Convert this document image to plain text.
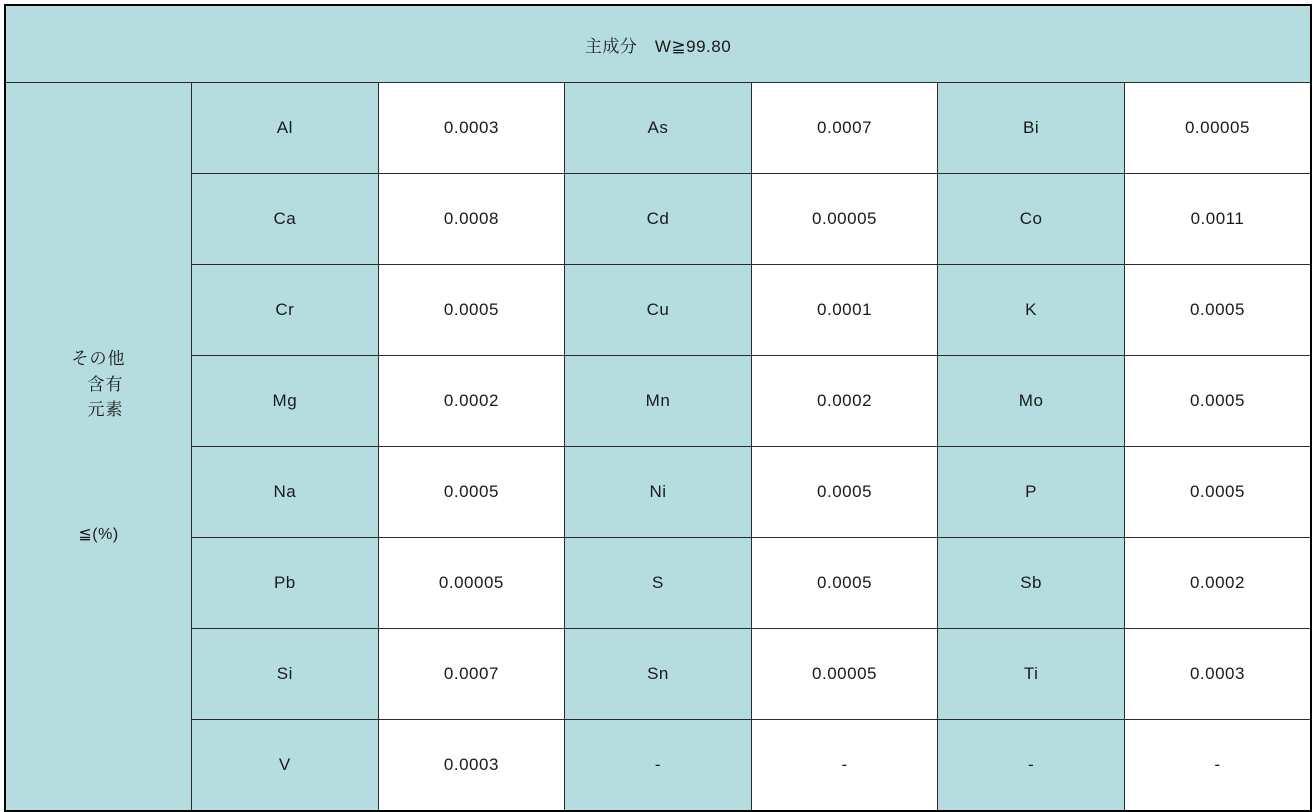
主成分　W≧99.80						

その他
含有
元素
≦(%)	Al	0.0003	As	0.0007	Bi	0.00005
	Ca	0.0008	Cd	0.00005	Co	0.0011
	Cr	0.0005	Cu	0.0001	K	0.0005
	Mg	0.0002	Mn	0.0002	Mo	0.0005
	Na	0.0005	Ni	0.0005	P	0.0005
	Pb	0.00005	S	0.0005	Sb	0.0002
	Si	0.0007	Sn	0.00005	Ti	0.0003
	V	0.0003	-	-	-	-
